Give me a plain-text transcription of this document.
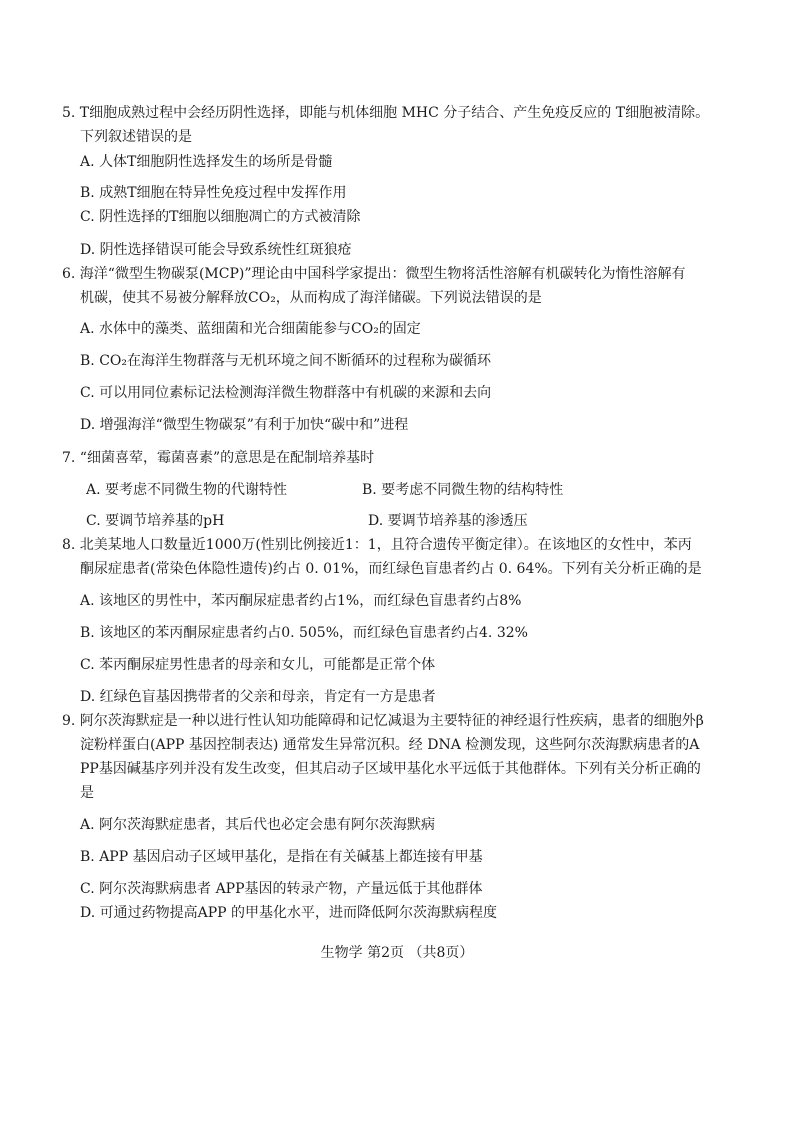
5. T细胞成熟过程中会经历阴性选择，即能与机体细胞 MHC 分子结合、产生免疫反应的 T细胞被清除。
下列叙述错误的是
A. 人体T细胞阴性选择发生的场所是骨髓
B. 成熟T细胞在特异性免疫过程中发挥作用
C. 阴性选择的T细胞以细胞凋亡的方式被清除
D. 阴性选择错误可能会导致系统性红斑狼疮
6. 海洋“微型生物碳泵(MCP)”理论由中国科学家提出：微型生物将活性溶解有机碳转化为惰性溶解有
机碳，使其不易被分解释放CO₂，从而构成了海洋储碳。下列说法错误的是
A. 水体中的藻类、蓝细菌和光合细菌能参与CO₂的固定
B. CO₂在海洋生物群落与无机环境之间不断循环的过程称为碳循环
C. 可以用同位素标记法检测海洋微生物群落中有机碳的来源和去向
D. 增强海洋“微型生物碳泵”有利于加快“碳中和”进程
7. “细菌喜荤，霉菌喜素”的意思是在配制培养基时
A. 要考虑不同微生物的代谢特性	B. 要考虑不同微生物的结构特性
C. 要调节培养基的pH	D. 要调节培养基的渗透压
8. 北美某地人口数量近1000万(性别比例接近1：1，且符合遗传平衡定律）。在该地区的女性中，苯丙
酮尿症患者(常染色体隐性遗传)约占 0. 01%，而红绿色盲患者约占 0. 64%。下列有关分析正确的是
A. 该地区的男性中，苯丙酮尿症患者约占1%，而红绿色盲患者约占8%
B. 该地区的苯丙酮尿症患者约占0. 505%，而红绿色盲患者约占4. 32%
C. 苯丙酮尿症男性患者的母亲和女儿，可能都是正常个体
D. 红绿色盲基因携带者的父亲和母亲，肯定有一方是患者
9. 阿尔茨海默症是一种以进行性认知功能障碍和记忆减退为主要特征的神经退行性疾病，患者的细胞外β
淀粉样蛋白(APP 基因控制表达) 通常发生异常沉积。经 DNA 检测发现，这些阿尔茨海默病患者的A
PP基因碱基序列并没有发生改变，但其启动子区域甲基化水平远低于其他群体。下列有关分析正确的
是
A. 阿尔茨海默症患者，其后代也必定会患有阿尔茨海默病
B. APP 基因启动子区域甲基化，是指在有关碱基上都连接有甲基
C. 阿尔茨海默病患者 APP基因的转录产物，产量远低于其他群体
D. 可通过药物提高APP 的甲基化水平，进而降低阿尔茨海默病程度
生物学 第2页 （共8页）
